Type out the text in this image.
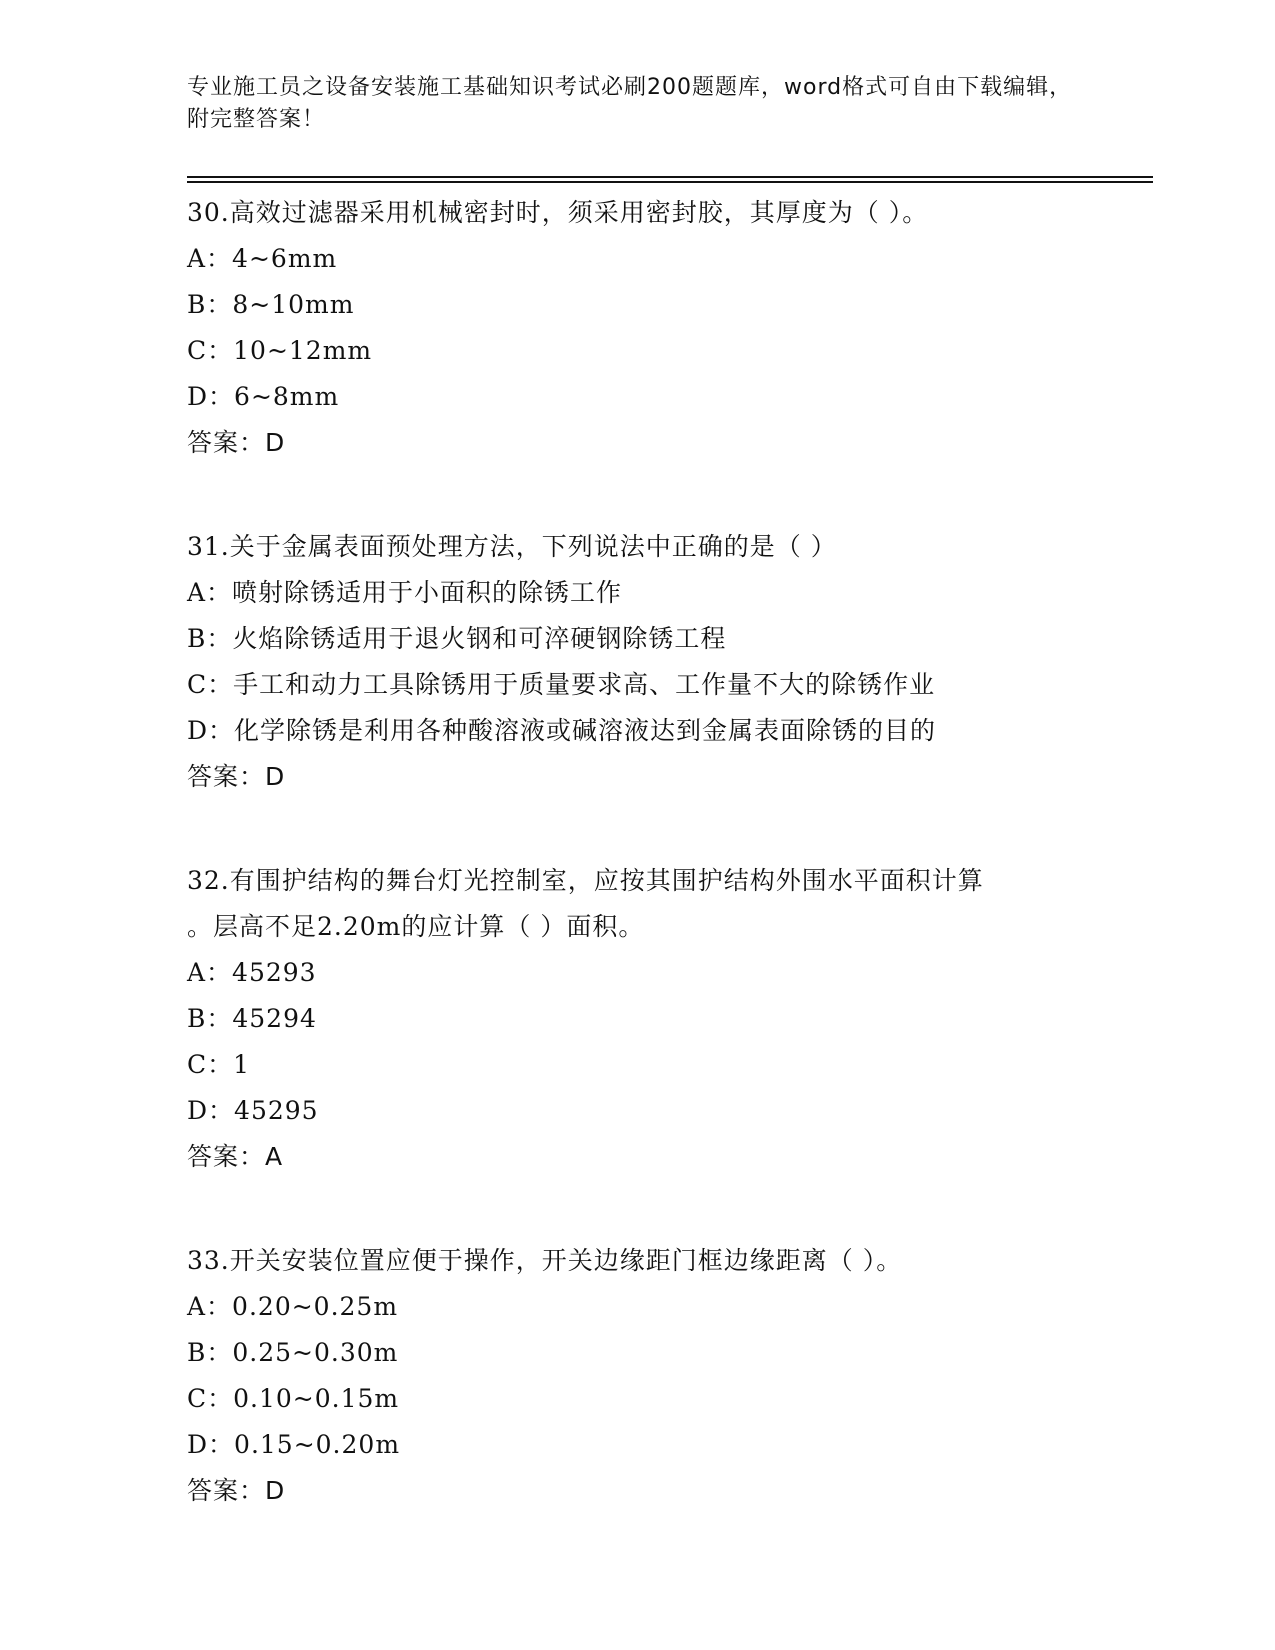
专业施工员之设备安装施工基础知识考试必刷200题题库，word格式可自由下载编辑，附完整答案！
30.高效过滤器采用机械密封时，须采用密封胶，其厚度为（ ）。
A：4~6mm
B：8~10mm
C：10~12mm
D：6~8mm
答案：D
31.关于金属表面预处理方法，下列说法中正确的是（ ）
A：喷射除锈适用于小面积的除锈工作
B：火焰除锈适用于退火钢和可淬硬钢除锈工程
C：手工和动力工具除锈用于质量要求高、工作量不大的除锈作业
D：化学除锈是利用各种酸溶液或碱溶液达到金属表面除锈的目的
答案：D
32.有围护结构的舞台灯光控制室，应按其围护结构外围水平面积计算
。层高不足2.20m的应计算（ ）面积。
A：45293
B：45294
C：1
D：45295
答案：A
33.开关安装位置应便于操作，开关边缘距门框边缘距离（ ）。
A：0.20~0.25m
B：0.25~0.30m
C：0.10~0.15m
D：0.15~0.20m
答案：D
